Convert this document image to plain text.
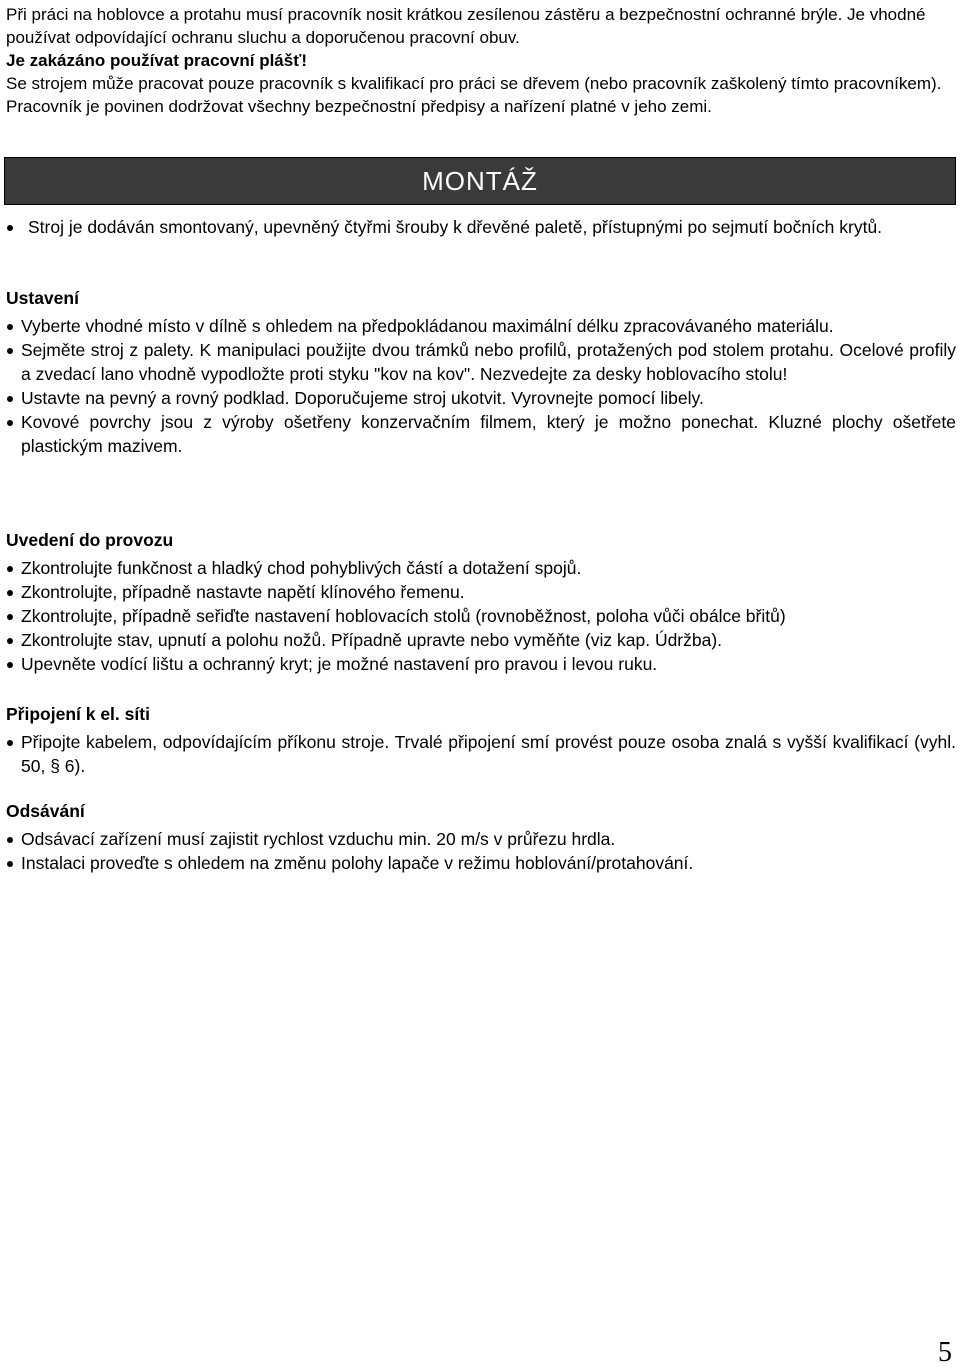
Při práci na hoblovce a protahu musí pracovník nosit krátkou zesílenou zástěru a bezpečnostní ochranné brýle. Je vhodné používat odpovídající ochranu sluchu a doporučenou pracovní obuv.

Je zakázáno používat pracovní plášť!

Se strojem může pracovat pouze pracovník s kvalifikací pro práci se dřevem (nebo pracovník zaškolený tímto pracovníkem). Pracovník je povinen dodržovat všechny bezpečnostní předpisy a nařízení platné v jeho zemi.

MONTÁŽ
Stroj je dodáván smontovaný, upevněný čtyřmi šrouby k dřevěné paletě, přístupnými po sejmutí bočních krytů.

Ustavení

Vyberte vhodné místo v dílně s ohledem na předpokládanou maximální délku zpracovávaného materiálu.
Sejměte stroj z palety. K manipulaci použijte dvou trámků nebo profilů, protažených pod stolem protahu. Ocelové profily a zvedací lano vhodně vypodložte proti styku "kov na kov". Nezvedejte za desky hoblovacího stolu!
Ustavte na pevný a rovný podklad. Doporučujeme stroj ukotvit. Vyrovnejte pomocí libely.
Kovové povrchy jsou z výroby ošetřeny konzervačním filmem, který je možno ponechat. Kluzné plochy ošetřete plastickým mazivem.

Uvedení do provozu

Zkontrolujte funkčnost a hladký chod pohyblivých částí a dotažení spojů.
Zkontrolujte, případně nastavte napětí klínového řemenu.
Zkontrolujte, případně seřiďte nastavení hoblovacích stolů (rovnoběžnost, poloha vůči obálce břitů)
Zkontrolujte stav, upnutí a polohu nožů. Případně upravte nebo vyměňte (viz kap. Údržba).
Upevněte vodící lištu a ochranný kryt; je možné nastavení pro pravou i levou ruku.

Připojení k el. síti

Připojte kabelem, odpovídajícím příkonu stroje. Trvalé připojení smí provést pouze osoba znalá s vyšší kvalifikací (vyhl. 50, § 6).

Odsávání

Odsávací zařízení musí zajistit rychlost vzduchu min. 20 m/s v průřezu hrdla.
Instalaci proveďte s ohledem na změnu polohy lapače v režimu hoblování/protahování.
5
